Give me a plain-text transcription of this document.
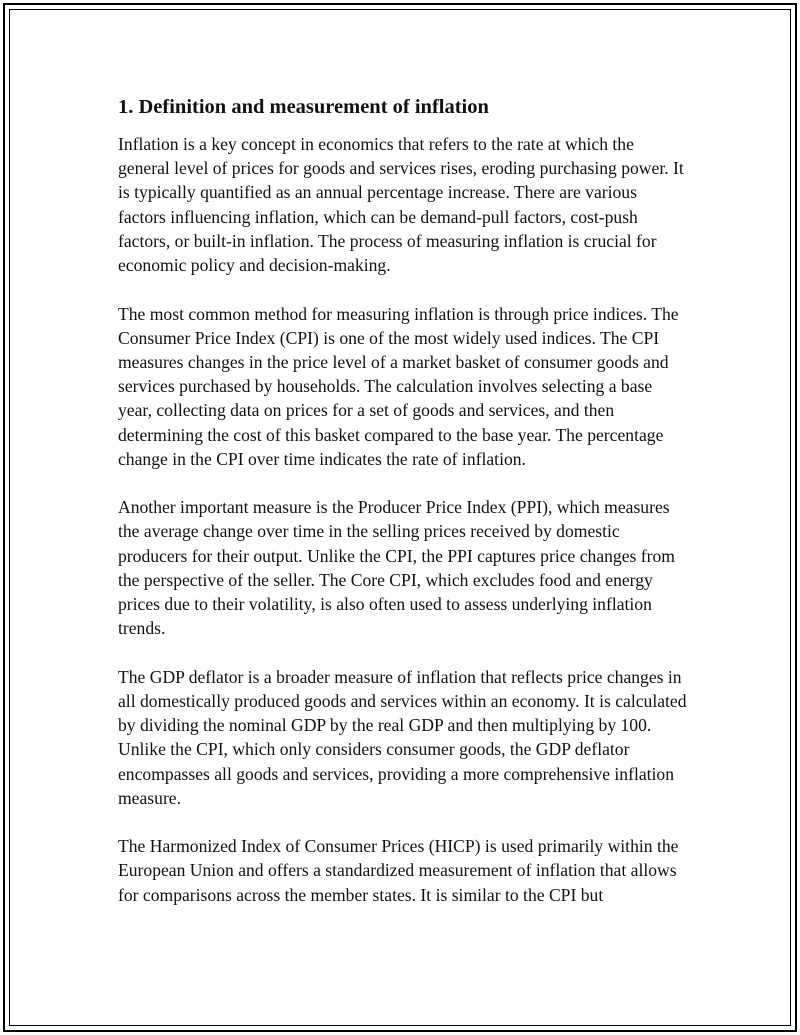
1. Definition and measurement of inflation

Inflation is a key concept in economics that refers to the rate at which the general level of prices for goods and services rises, eroding purchasing power. It is typically quantified as an annual percentage increase. There are various factors influencing inflation, which can be demand-pull factors, cost-push factors, or built-in inflation. The process of measuring inflation is crucial for economic policy and decision-making.

The most common method for measuring inflation is through price indices. The Consumer Price Index (CPI) is one of the most widely used indices. The CPI measures changes in the price level of a market basket of consumer goods and services purchased by households. The calculation involves selecting a base year, collecting data on prices for a set of goods and services, and then determining the cost of this basket compared to the base year. The percentage change in the CPI over time indicates the rate of inflation.

Another important measure is the Producer Price Index (PPI), which measures the average change over time in the selling prices received by domestic producers for their output. Unlike the CPI, the PPI captures price changes from the perspective of the seller. The Core CPI, which excludes food and energy prices due to their volatility, is also often used to assess underlying inflation trends.

The GDP deflator is a broader measure of inflation that reflects price changes in all domestically produced goods and services within an economy. It is calculated by dividing the nominal GDP by the real GDP and then multiplying by 100. Unlike the CPI, which only considers consumer goods, the GDP deflator encompasses all goods and services, providing a more comprehensive inflation measure.

The Harmonized Index of Consumer Prices (HICP) is used primarily within the European Union and offers a standardized measurement of inflation that allows for comparisons across the member states. It is similar to the CPI but
